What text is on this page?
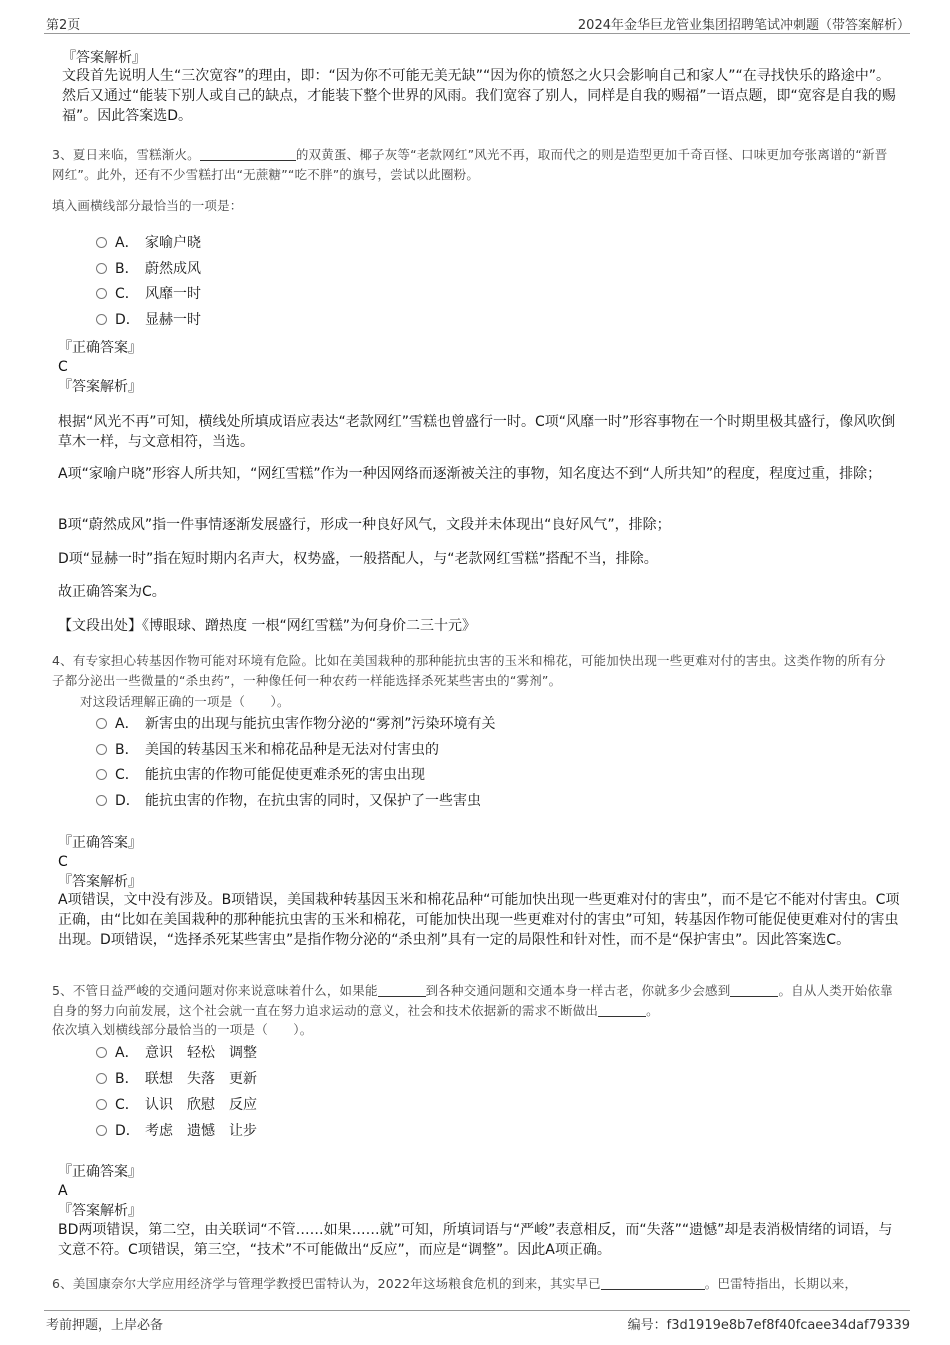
第2页	2024年金华巨龙管业集团招聘笔试冲刺题（带答案解析）
『答案解析』
文段首先说明人生“三次宽容”的理由，即：“因为你不可能无美无缺”“因为你的愤怒之火只会影响自己和家人”“在寻找快乐的路途中”。然后又通过“能装下别人或自己的缺点，才能装下整个世界的风雨。我们宽容了别人，同样是自我的赐福”一语点题，即“宽容是自我的赐福”。因此答案选D。
3、夏日来临，雪糕渐火。	的双黄蛋、椰子灰等“老款网红”风光不再，取而代之的则是造型更加千奇百怪、口味更加夸张离谱的“新晋网红”。此外，还有不少雪糕打出“无蔗糖”“吃不胖”的旗号，尝试以此圈粉。
填入画横线部分最恰当的一项是：
A． 家喻户晓
B． 蔚然成风
C． 风靡一时
D． 显赫一时
『正确答案』
C
『答案解析』
根据“风光不再”可知，横线处所填成语应表达“老款网红”雪糕也曾盛行一时。C项“风靡一时”形容事物在一个时期里极其盛行，像风吹倒草木一样，与文意相符，当选。
A项“家喻户晓”形容人所共知，“网红雪糕”作为一种因网络而逐渐被关注的事物，知名度达不到“人所共知”的程度，程度过重，排除；
B项“蔚然成风”指一件事情逐渐发展盛行，形成一种良好风气，文段并未体现出“良好风气”，排除；
D项“显赫一时”指在短时期内名声大，权势盛，一般搭配人，与“老款网红雪糕”搭配不当，排除。
故正确答案为C。
【文段出处】《博眼球、蹭热度 一根“网红雪糕”为何身价二三十元》
4、有专家担心转基因作物可能对环境有危险。比如在美国栽种的那种能抗虫害的玉米和棉花，可能加快出现一些更难对付的害虫。这类作物的所有分子都分泌出一些微量的“杀虫药”，一种像任何一种农药一样能选择杀死某些害虫的“雾剂”。
对这段话理解正确的一项是（　　）。
A． 新害虫的出现与能抗虫害作物分泌的“雾剂”污染环境有关
B． 美国的转基因玉米和棉花品种是无法对付害虫的
C． 能抗虫害的作物可能促使更难杀死的害虫出现
D． 能抗虫害的作物，在抗虫害的同时，又保护了一些害虫
『正确答案』
C
『答案解析』
A项错误，文中没有涉及。B项错误，美国栽种转基因玉米和棉花品种“可能加快出现一些更难对付的害虫”，而不是它不能对付害虫。C项正确，由“比如在美国栽种的那种能抗虫害的玉米和棉花，可能加快出现一些更难对付的害虫”可知，转基因作物可能促使更难对付的害虫出现。D项错误，“选择杀死某些害虫”是指作物分泌的“杀虫剂”具有一定的局限性和针对性，而不是“保护害虫”。因此答案选C。
5、不管日益严峻的交通问题对你来说意味着什么，如果能	到各种交通问题和交通本身一样古老，你就多少会感到	。自从人类开始依靠自身的努力向前发展，这个社会就一直在努力追求运动的意义，社会和技术依据新的需求不断做出	。
依次填入划横线部分最恰当的一项是（　　）。
A． 意识　轻松　调整
B． 联想　失落　更新
C． 认识　欣慰　反应
D． 考虑　遗憾　让步
『正确答案』
A
『答案解析』
BD两项错误，第二空，由关联词“不管……如果……就”可知，所填词语与“严峻”表意相反，而“失落”“遗憾”却是表消极情绪的词语，与文意不符。C项错误，第三空，“技术”不可能做出“反应”，而应是“调整”。因此A项正确。
6、美国康奈尔大学应用经济学与管理学教授巴雷特认为，2022年这场粮食危机的到来，其实早已	。巴雷特指出，长期以来，
考前押题，上岸必备	编号：f3d1919e8b7ef8f40fcaee34daf79339
